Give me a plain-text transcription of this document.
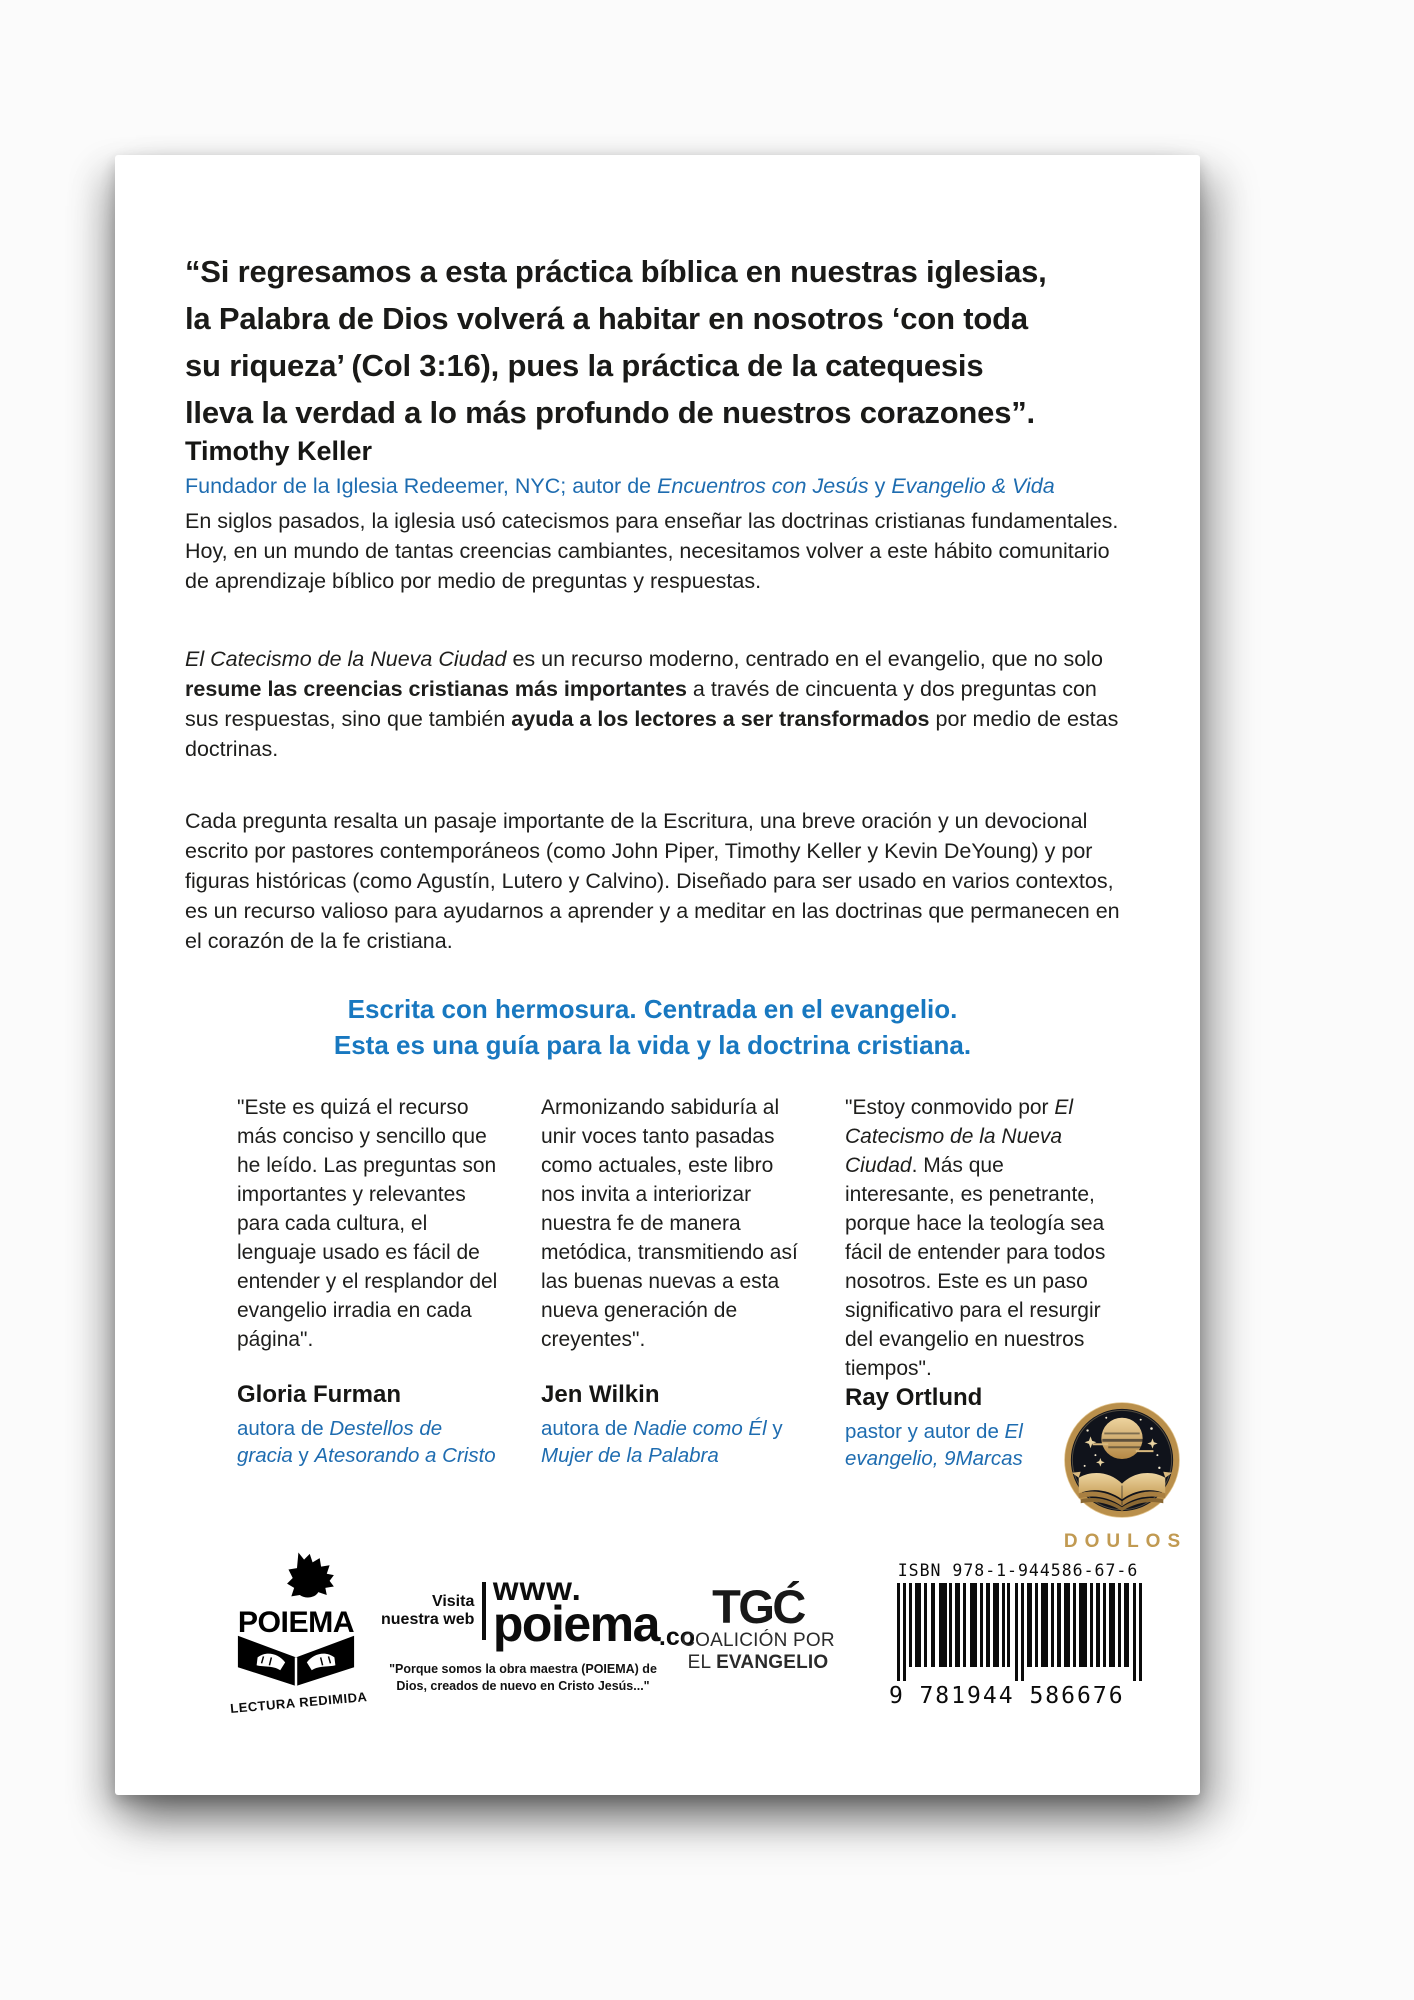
“Si regresamos a esta práctica bíblica en nuestras iglesias,
la Palabra de Dios volverá a habitar en nosotros ‘con toda
su riqueza’ (Col 3:16), pues la práctica de la catequesis
lleva la verdad a lo más profundo de nuestros corazones”.
Timothy Keller
Fundador de la Iglesia Redeemer, NYC; autor de Encuentros con Jesús y Evangelio & Vida
En siglos pasados, la iglesia usó catecismos para enseñar las doctrinas cristianas fundamentales. Hoy, en un mundo de tantas creencias cambiantes, necesitamos volver a este hábito comunitario de aprendizaje bíblico por medio de preguntas y respuestas.
El Catecismo de la Nueva Ciudad es un recurso moderno, centrado en el evangelio, que no solo resume las creencias cristianas más importantes a través de cincuenta y dos preguntas con sus respuestas, sino que también ayuda a los lectores a ser transformados por medio de estas doctrinas.
Cada pregunta resalta un pasaje importante de la Escritura, una breve oración y un devocional escrito por pastores contemporáneos (como John Piper, Timothy Keller y Kevin DeYoung) y por figuras históricas (como Agustín, Lutero y Calvino). Diseñado para ser usado en varios contextos, es un recurso valioso para ayudarnos a aprender y a meditar en las doctrinas que permanecen en el corazón de la fe cristiana.
Escrita con hermosura. Centrada en el evangelio.
Esta es una guía para la vida y la doctrina cristiana.
"Este es quizá el recurso más conciso y sencillo que he leído. Las preguntas son importantes y relevantes para cada cultura, el lenguaje usado es fácil de entender y el resplandor del evangelio irradia en cada página".
Gloria Furman
autora de Destellos de gracia y Atesorando a Cristo
Armonizando sabiduría al unir voces tanto pasadas como actuales, este libro nos invita a interiorizar nuestra fe de manera metódica, transmitiendo así las buenas nuevas a esta nueva generación de creyentes".
Jen Wilkin
autora de Nadie como Él y Mujer de la Palabra
"Estoy conmovido por El Catecismo de la Nueva Ciudad. Más que interesante, es penetrante, porque hace la teología sea fácil de entender para todos nosotros. Este es un paso significativo para el resurgir del evangelio en nuestros tiempos".
Ray Ortlund
pastor y autor de El evangelio, 9Marcas
DOULOS
POIEMA
LECTURA REDIMIDA
Visita
nuestra web
www.
poiema .co
"Porque somos la obra maestra (POIEMA) de Dios, creados de nuevo en Cristo Jesús..."
TGĆ
COALICIÓN POR
EL EVANGELIO
ISBN 978-1-944586-67-6
9 781944 586676
